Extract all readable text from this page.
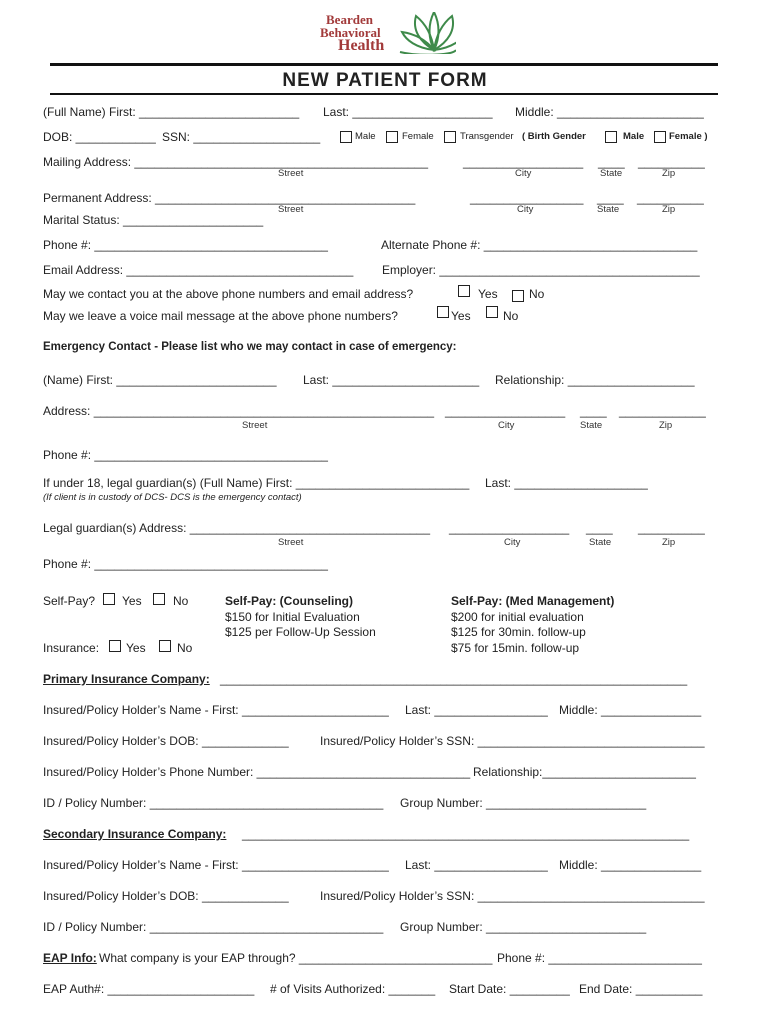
Bearden
Behavioral
Health
NEW PATIENT FORM
(Full Name) First: ________________________ Last: _____________________ Middle: ______________________
DOB: ____________ SSN: ___________________	Male	Female	Transgender ( Birth Gender	Male	Female )
Mailing Address: ____________________________________________	__________________ ____ __________
Street	City	State	Zip
Permanent Address: _______________________________________	_________________ ____ __________
Street	City	State	Zip
Marital Status: _____________________
Phone #: ___________________________________	Alternate Phone #: ________________________________
Email Address: __________________________________ Employer: _______________________________________
May we contact you at the above phone numbers and email address?	Yes	No
May we leave a voice mail message at the above phone numbers?	Yes	No
Emergency Contact - Please list who we may contact in case of emergency:
(Name) First: ________________________ Last: ______________________ Relationship: ___________________
Address: ___________________________________________________ __________________ ____ _____________
Street	City	State	Zip
Phone #: ___________________________________
If under 18, legal guardian(s) (Full Name) First: __________________________ Last: ____________________
(If client is in custody of DCS- DCS is the emergency contact)
Legal guardian(s) Address: ____________________________________ __________________ ____ __________
Street	City	State	Zip
Phone #: ___________________________________
Self-Pay? Yes	No
Insurance: Yes	No
Self-Pay: (Counseling)
$150 for Initial Evaluation
$125 per Follow-Up Session
Self-Pay: (Med Management)
$200 for initial evaluation
$125 for 30min. follow-up
$75 for 15min. follow-up
Primary Insurance Company: ______________________________________________________________________
Insured/Policy Holder’s Name - First: ______________________ Last: _________________ Middle: _______________
Insured/Policy Holder’s DOB: _____________	Insured/Policy Holder’s SSN: __________________________________
Insured/Policy Holder’s Phone Number: ________________________________ Relationship:_______________________
ID / Policy Number: ___________________________________ Group Number: ________________________
Secondary Insurance Company: ___________________________________________________________________
Insured/Policy Holder’s Name - First: ______________________ Last: _________________ Middle: _______________
Insured/Policy Holder’s DOB: _____________	Insured/Policy Holder’s SSN: __________________________________
ID / Policy Number: ___________________________________ Group Number: ________________________
EAP Info: What company is your EAP through? _____________________________ Phone #: _______________________
EAP Auth#: ______________________ # of Visits Authorized: _______ Start Date: _________ End Date: __________
